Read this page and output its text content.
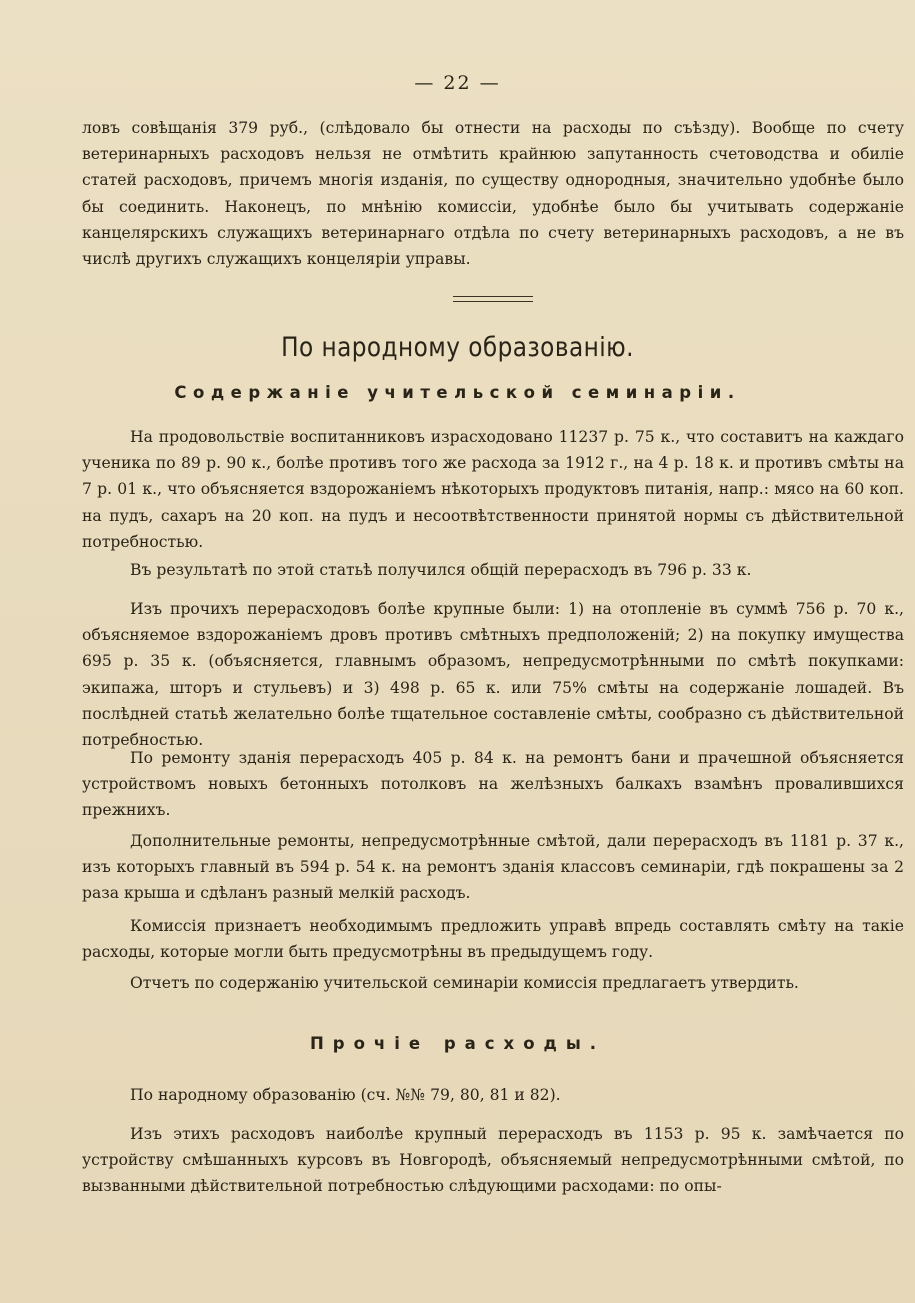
— 22 —

ловъ совѣщанія 379 руб., (слѣдовало бы отнести на расходы по съѣзду). Вообще по счету ветеринарныхъ расходовъ нельзя не отмѣтить крайнюю запутанность счетоводства и обиліе статей расходовъ, причемъ многія изданія, по существу однородныя, значительно удобнѣе было бы соединить. Наконецъ, по мнѣнію комиссіи, удобнѣе было бы учитывать содержаніе канцелярскихъ служащихъ ветеринарнаго отдѣла по счету ветеринарныхъ расходовъ, а не въ числѣ другихъ служащихъ концеляріи управы.

По народному образованію.
Содержаніе учительской семинаріи.

На продовольствіе воспитанниковъ израсходовано 11237 р. 75 к., что составитъ на каждаго ученика по 89 р. 90 к., болѣе противъ того же расхода за 1912 г., на 4 р. 18 к. и противъ смѣты на 7 р. 01 к., что объясняется вздорожаніемъ нѣкоторыхъ продуктовъ питанія, напр.: мясо на 60 коп. на пудъ, сахаръ на 20 коп. на пудъ и несоотвѣтственности принятой нормы съ дѣйствительной потребностью.

Въ результатѣ по этой статьѣ получился общій перерасходъ въ 796 р. 33 к.

Изъ прочихъ перерасходовъ болѣе крупные были: 1) на отопленіе въ суммѣ 756 р. 70 к., объясняемое вздорожаніемъ дровъ противъ смѣтныхъ предположеній; 2) на покупку имущества 695 р. 35 к. (объясняется, главнымъ образомъ, непредусмотрѣнными по смѣтѣ покупками: экипажа, шторъ и стульевъ) и 3) 498 р. 65 к. или 75% смѣты на содержаніе лошадей. Въ послѣдней статьѣ желательно болѣе тщательное составленіе смѣты, сообразно съ дѣйствительной потребностью.

По ремонту зданія перерасходъ 405 р. 84 к. на ремонтъ бани и прачешной объясняется устройствомъ новыхъ бетонныхъ потолковъ на желѣзныхъ балкахъ взамѣнъ провалившихся прежнихъ.

Дополнительные ремонты, непредусмотрѣнные смѣтой, дали перерасходъ въ 1181 р. 37 к., изъ которыхъ главный въ 594 р. 54 к. на ремонтъ зданія классовъ семинаріи, гдѣ покрашены за 2 раза крыша и сдѣланъ разный мелкій расходъ.

Комиссія признаетъ необходимымъ предложить управѣ впредь составлять смѣту на такіе расходы, которые могли быть предусмотрѣны въ предыдущемъ году.

Отчетъ по содержанію учительской семинаріи комиссія предлагаетъ утвердить.

Прочіе расходы.

По народному образованію (сч. №№ 79, 80, 81 и 82).

Изъ этихъ расходовъ наиболѣе крупный перерасходъ въ 1153 р. 95 к. замѣчается по устройству смѣшанныхъ курсовъ въ Новгородѣ, объясняемый непредусмотрѣнными смѣтой, по вызванными дѣйствительной потребностью слѣдующими расходами: по опы-
